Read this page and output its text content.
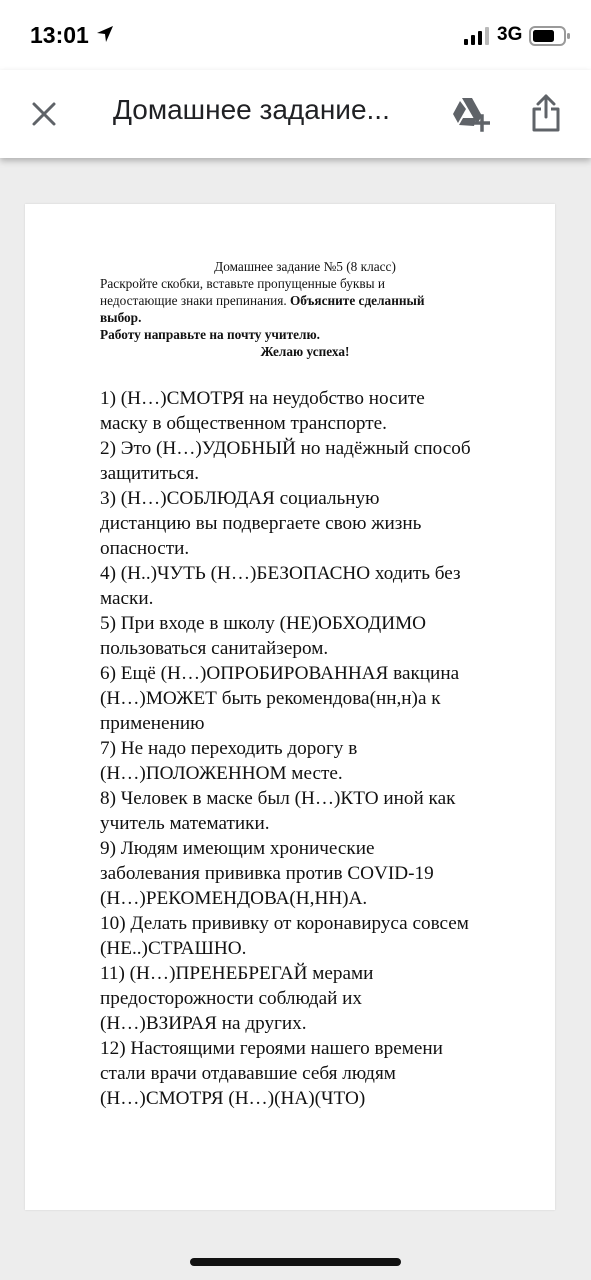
13:01	3G
Домашнее задание...
Домашнее задание №5 (8 класс)
Раскройте скобки, вставьте пропущенные буквы и
недостающие знаки препинания. Объясните сделанный
выбор.
Работу направьте на почту учителю.
Желаю успеха!
1) (Н…)СМОТРЯ на неудобство носите
маску в общественном транспорте.
2) Это (Н…)УДОБНЫЙ но надёжный способ
защититься.
3) (Н…)СОБЛЮДАЯ социальную
дистанцию вы подвергаете свою жизнь
опасности.
4) (Н..)ЧУТЬ (Н…)БЕЗОПАСНО ходить без
маски.
5) При входе в школу (НЕ)ОБХОДИМО
пользоваться санитайзером.
6) Ещё (Н…)ОПРОБИРОВАННАЯ вакцина
(Н…)МОЖЕТ быть рекомендова(нн,н)а к
применению
7) Не надо переходить дорогу в
(Н…)ПОЛОЖЕННОМ месте.
8) Человек в маске был (Н…)КТО иной как
учитель математики.
9) Людям имеющим хронические
заболевания прививка против COVID-19
(Н…)РЕКОМЕНДОВА(Н,НН)А.
10) Делать прививку от коронавируса совсем
(НЕ..)СТРАШНО.
11) (Н…)ПРЕНЕБРЕГАЙ мерами
предосторожности соблюдай их
(Н…)ВЗИРАЯ на других.
12) Настоящими героями нашего времени
стали врачи отдававшие себя людям
(Н…)СМОТРЯ (Н…)(НА)(ЧТО)
